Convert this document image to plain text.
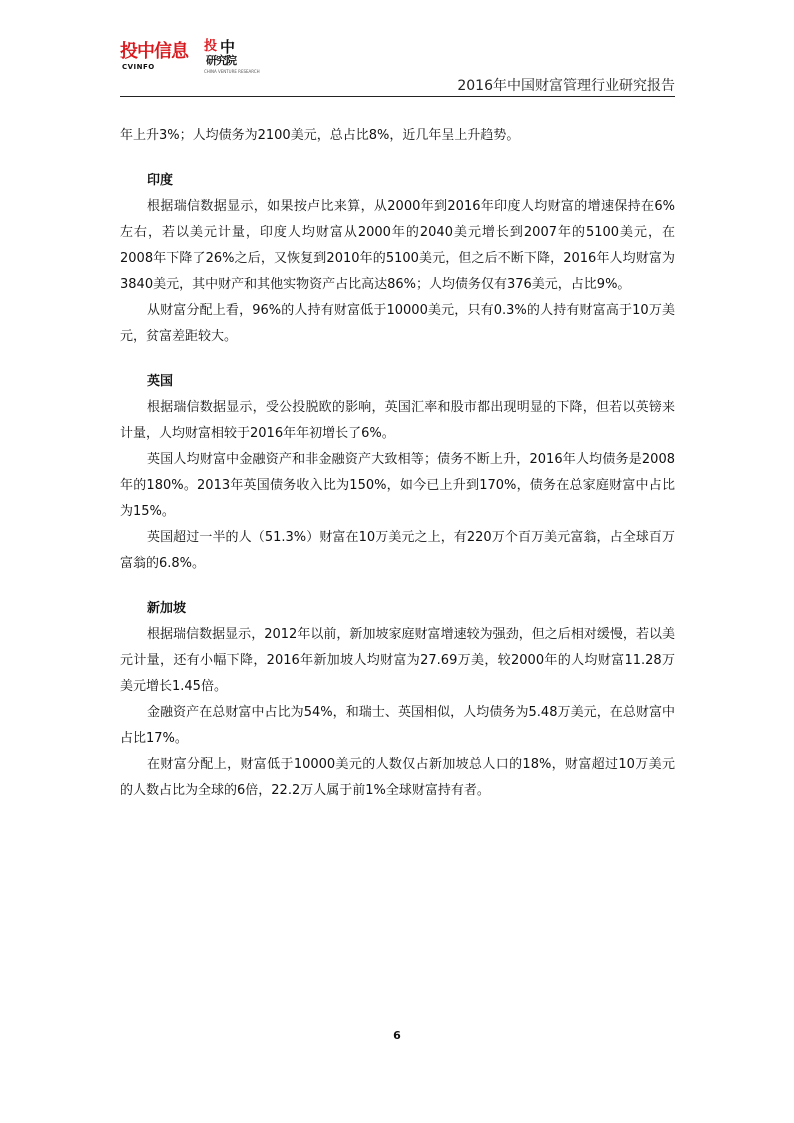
投中信息
CVINFO
投 中
研究院
CHINA VENTURE RESEARCH
2016年中国财富管理行业研究报告

年上升3%；人均债务为2100美元，总占比8%，近几年呈上升趋势。

印度

根据瑞信数据显示，如果按卢比来算，从2000年到2016年印度人均财富的增速保持在6%左右，若以美元计量，印度人均财富从2000年的2040美元增长到2007年的5100美元，在2008年下降了26%之后，又恢复到2010年的5100美元，但之后不断下降，2016年人均财富为3840美元，其中财产和其他实物资产占比高达86%；人均债务仅有376美元，占比9%。

从财富分配上看，96%的人持有财富低于10000美元，只有0.3%的人持有财富高于10万美元，贫富差距较大。

英国

根据瑞信数据显示，受公投脱欧的影响，英国汇率和股市都出现明显的下降，但若以英镑来计量，人均财富相较于2016年年初增长了6%。

英国人均财富中金融资产和非金融资产大致相等；债务不断上升，2016年人均债务是2008年的180%。2013年英国债务收入比为150%，如今已上升到170%，债务在总家庭财富中占比为15%。

英国超过一半的人（51.3%）财富在10万美元之上，有220万个百万美元富翁，占全球百万富翁的6.8%。

新加坡

根据瑞信数据显示，2012年以前，新加坡家庭财富增速较为强劲，但之后相对缓慢，若以美元计量，还有小幅下降，2016年新加坡人均财富为27.69万美，较2000年的人均财富11.28万美元增长1.45倍。

金融资产在总财富中占比为54%，和瑞士、英国相似，人均债务为5.48万美元，在总财富中占比17%。

在财富分配上，财富低于10000美元的人数仅占新加坡总人口的18%，财富超过10万美元的人数占比为全球的6倍，22.2万人属于前1%全球财富持有者。

6
